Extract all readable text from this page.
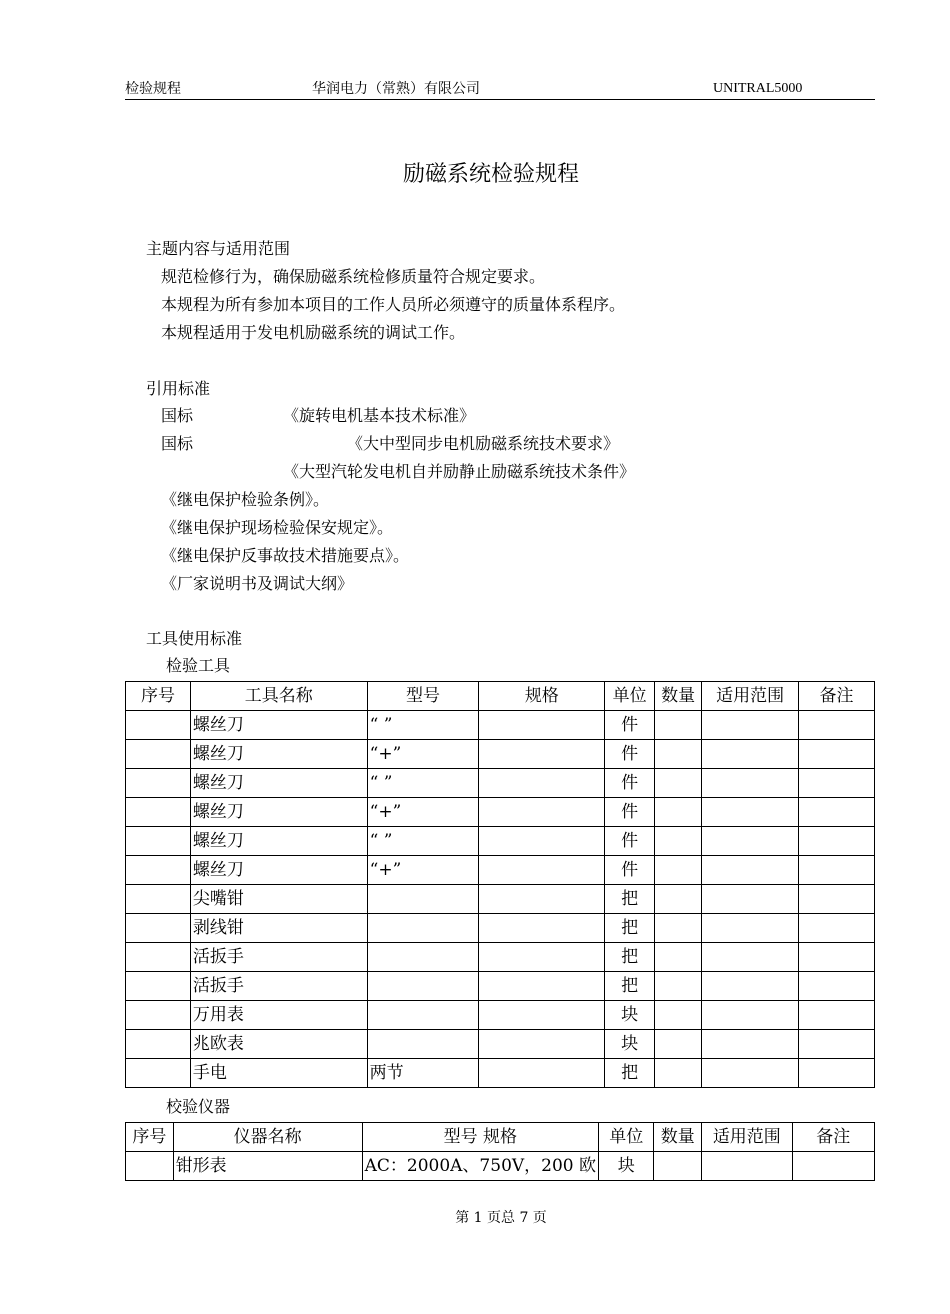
检验规程	华润电力（常熟）有限公司	UNITRAL5000
励磁系统检验规程
主题内容与适用范围
规范检修行为，确保励磁系统检修质量符合规定要求。
本规程为所有参加本项目的工作人员所必须遵守的质量体系程序。
本规程适用于发电机励磁系统的调试工作。
引用标准
国标	《旋转电机基本技术标准》
国标	《大中型同步电机励磁系统技术要求》
《大型汽轮发电机自并励静止励磁系统技术条件》
《继电保护检验条例》。
《继电保护现场检验保安规定》。
《继电保护反事故技术措施要点》。
《厂家说明书及调试大纲》
工具使用标准
检验工具
序号	工具名称	型号	规格	单位	数量	适用范围	备注
	螺丝刀	“ ”		件			
	螺丝刀	“+”		件			
	螺丝刀	“ ”		件			
	螺丝刀	“+”		件			
	螺丝刀	“ ”		件			
	螺丝刀	“+”		件			
	尖嘴钳			把			
	剥线钳			把			
	活扳手			把			
	活扳手			把			
	万用表			块			
	兆欧表			块			
	手电	两节		把			
校验仪器
序号	仪器名称	型号 规格	单位	数量	适用范围	备注
	钳形表	AC：2000A、750V，200 欧	块			
第 1 页总 7 页
